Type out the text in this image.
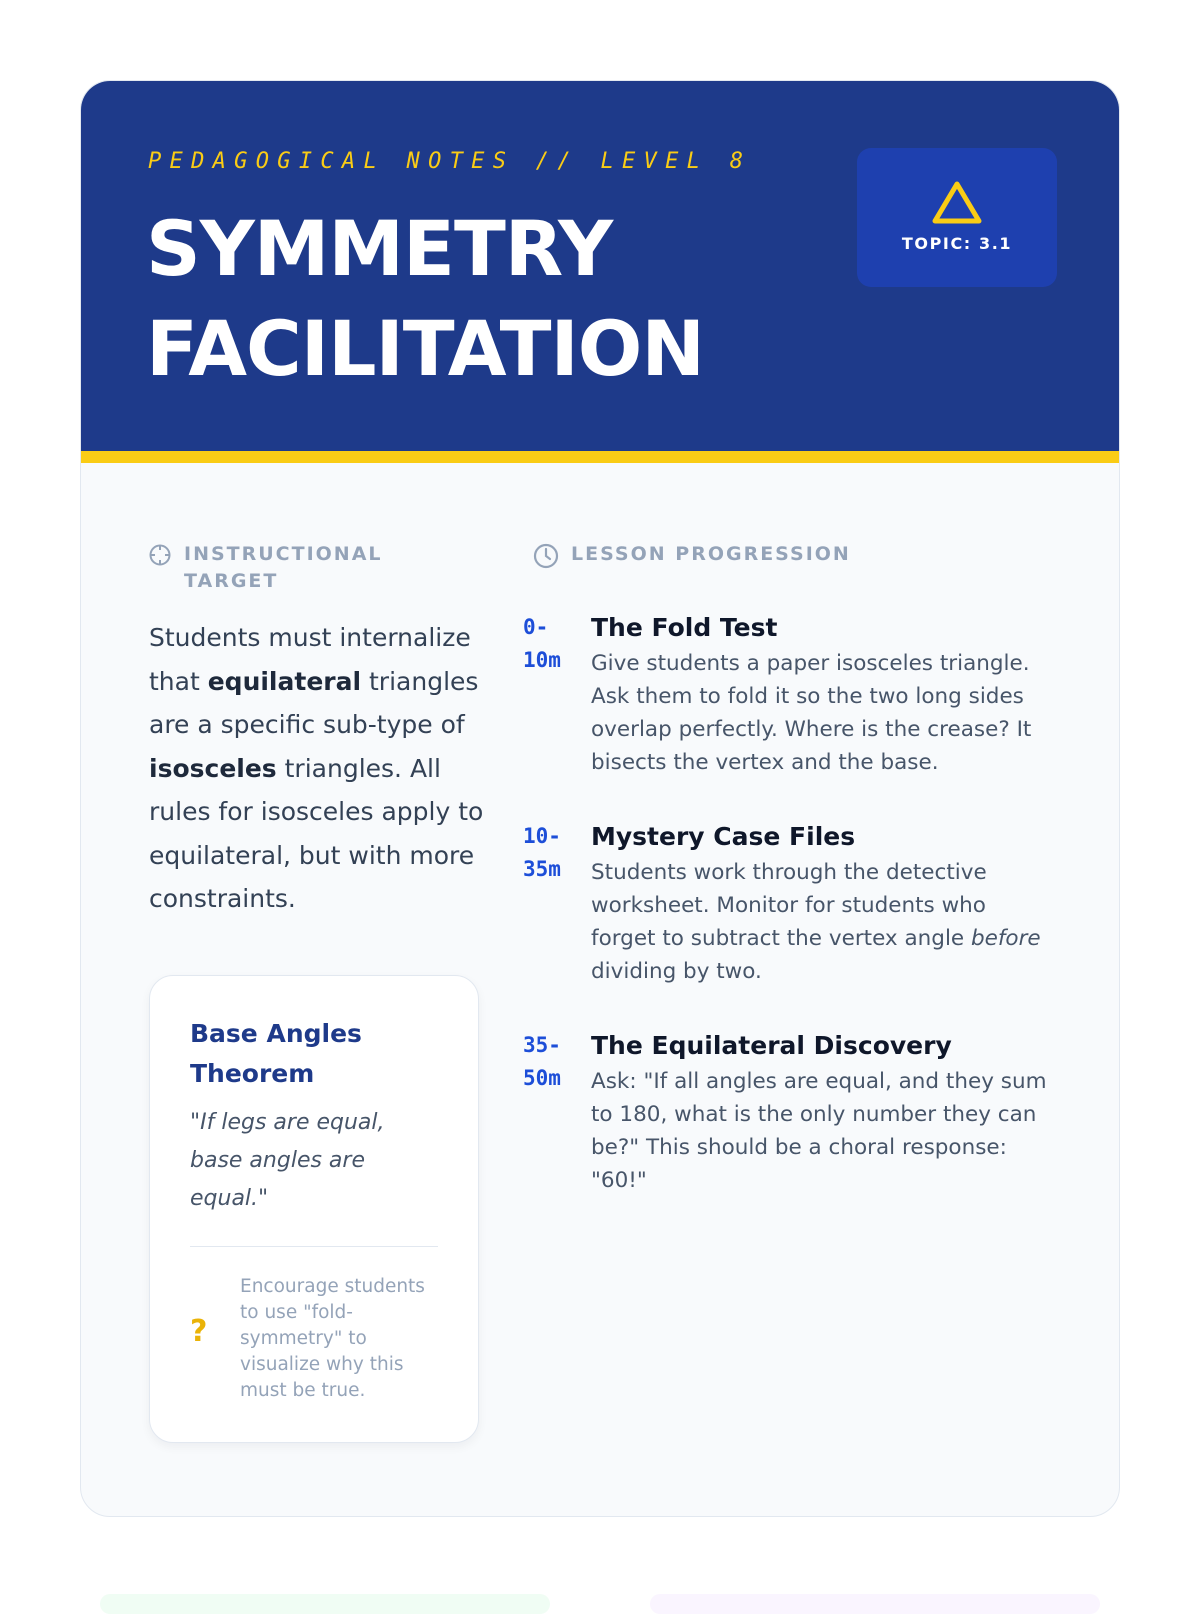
PEDAGOGICAL NOTES // LEVEL 8

SYMMETRY
FACILITATION
TOPIC: 3.1
INSTRUCTIONAL
TARGET

Students must internalize that equilateral triangles are a specific sub-type of isosceles triangles. All rules for isosceles apply to equilateral, but with more constraints.

Base Angles Theorem

"If legs are equal, base angles are equal."

?

Encourage students to use "fold-symmetry" to visualize why this must be true.

LESSON PROGRESSION
0-
10m
The Fold Test

Give students a paper isosceles triangle. Ask them to fold it so the two long sides overlap perfectly. Where is the crease? It bisects the vertex and the base.

10-
35m
Mystery Case Files

Students work through the detective worksheet. Monitor for students who forget to subtract the vertex angle before dividing by two.

35-
50m
The Equilateral Discovery

Ask: "If all angles are equal, and they sum to 180, what is the only number they can be?" This should be a choral response: "60!"
